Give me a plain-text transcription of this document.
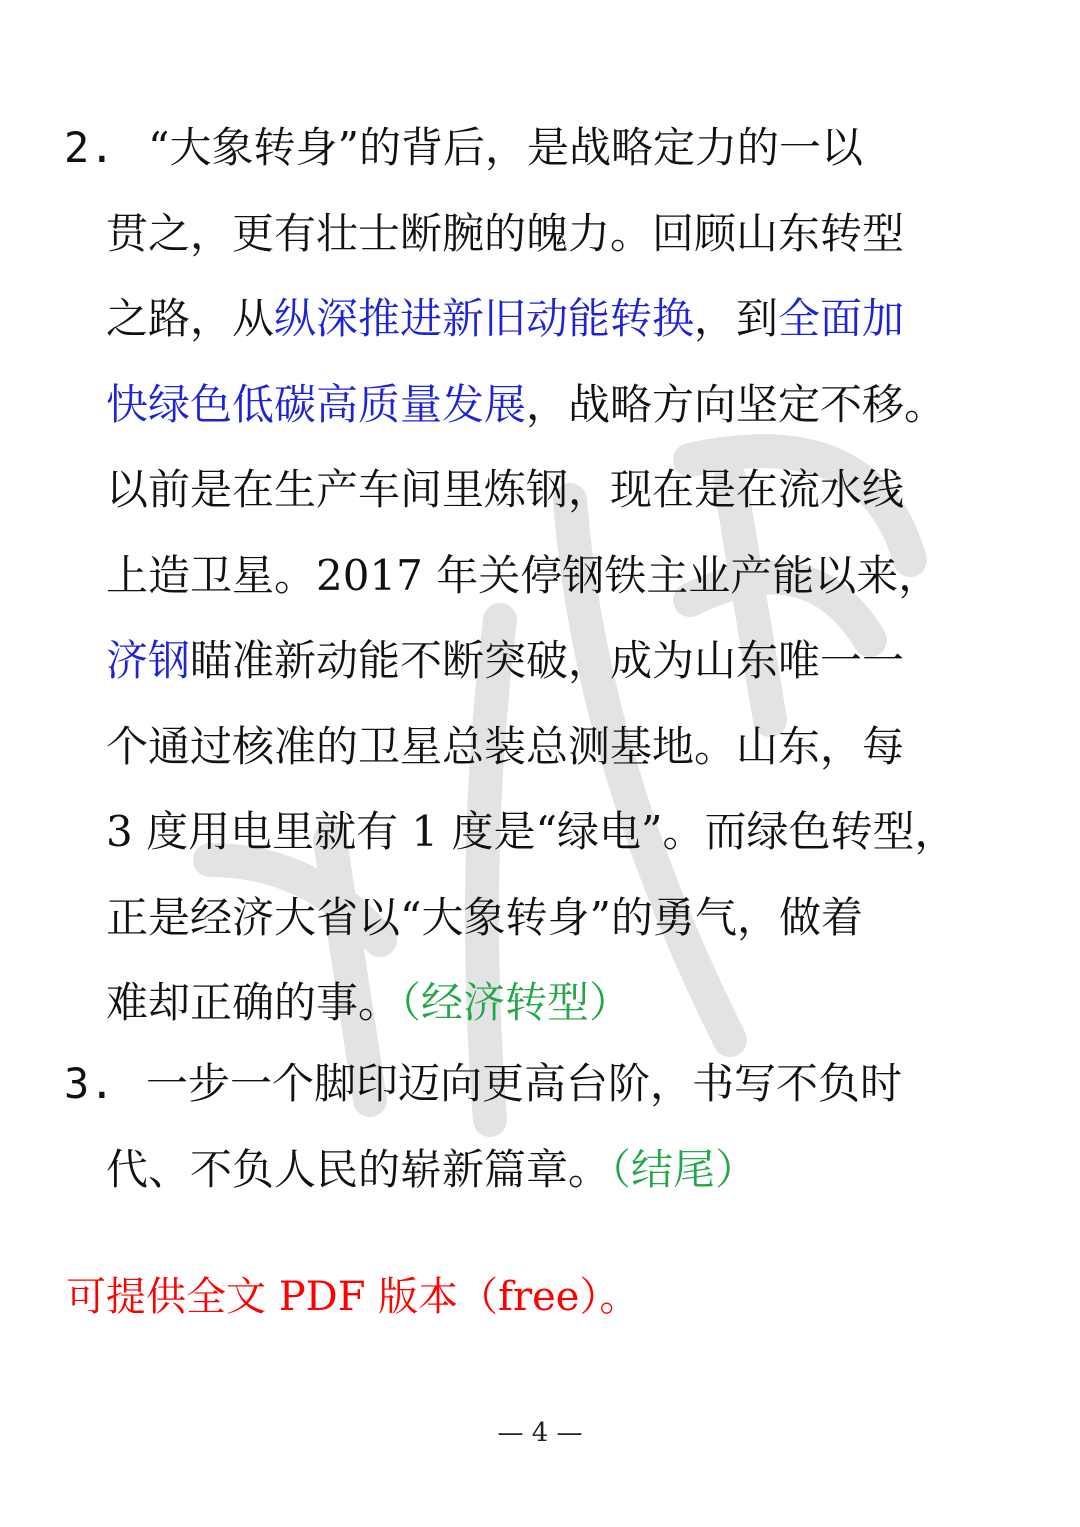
2. “大象转身”的背后，是战略定力的一以
贯之，更有壮士断腕的魄力。回顾山东转型
之路，从纵深推进新旧动能转换，到全面加
快绿色低碳高质量发展，战略方向坚定不移。
以前是在生产车间里炼钢，现在是在流水线
上造卫星。2017 年关停钢铁主业产能以来，
济钢瞄准新动能不断突破，成为山东唯一一
个通过核准的卫星总装总测基地。山东，每
3 度用电里就有 1 度是“绿电”。而绿色转型，
正是经济大省以“大象转身”的勇气，做着
难却正确的事。（经济转型）
3. 一步一个脚印迈向更高台阶，书写不负时
代、不负人民的崭新篇章。（结尾）
可提供全文 PDF 版本（free）。
— 4 —
